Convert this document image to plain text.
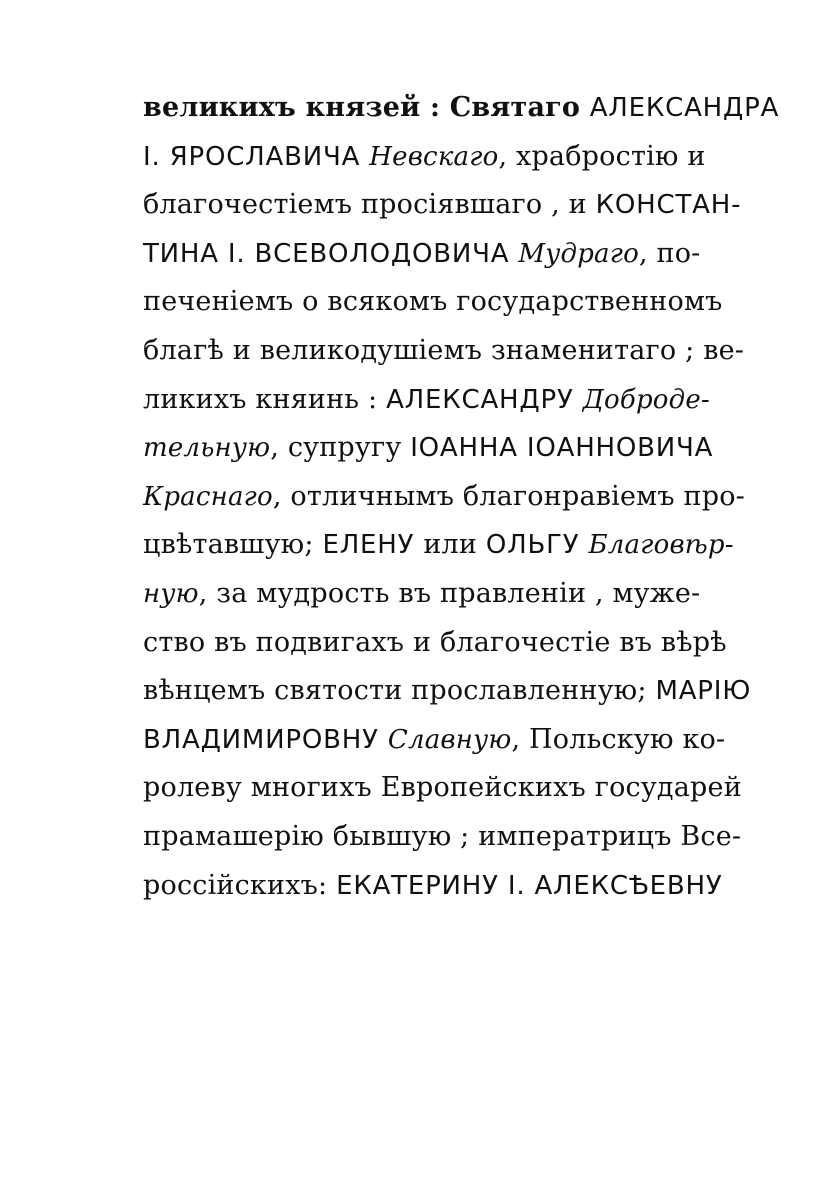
великихъ князей : Святаго АЛЕКСАНДРА
I. ЯРОСЛАВИЧА Невскаго , храбростію и
благочестіемъ просіявшаго , и КОНСТАН-
ТИНА I. ВСЕВОЛОДОВИЧА Мудраго , по-
печеніемъ о всякомъ государственномъ
благѣ и великодушіемъ знаменитаго ; ве-
ликихъ княинь : АЛЕКСАНДРУ Доброде-
тельную , супругу ІОАННА ІОАННОВИЧА
Краснаго , отличнымъ благонравіемъ про-
цвѣтавшую; ЕЛЕНУ или ОЛЬГУ Благовѣр-
ную , за мудрость въ правленіи , муже-
ство въ подвигахъ и благочестіе въ вѣрѣ
вѣнцемъ святости прославленную; МАРІЮ
ВЛАДИМИРОВНУ Славную , Польскую ко-
ролеву многихъ Европейскихъ государей
прамашерію бывшую ; императрицъ Все-
россійскихъ: ЕКАТЕРИНУ I. АЛЕКСѢЕВНУ
